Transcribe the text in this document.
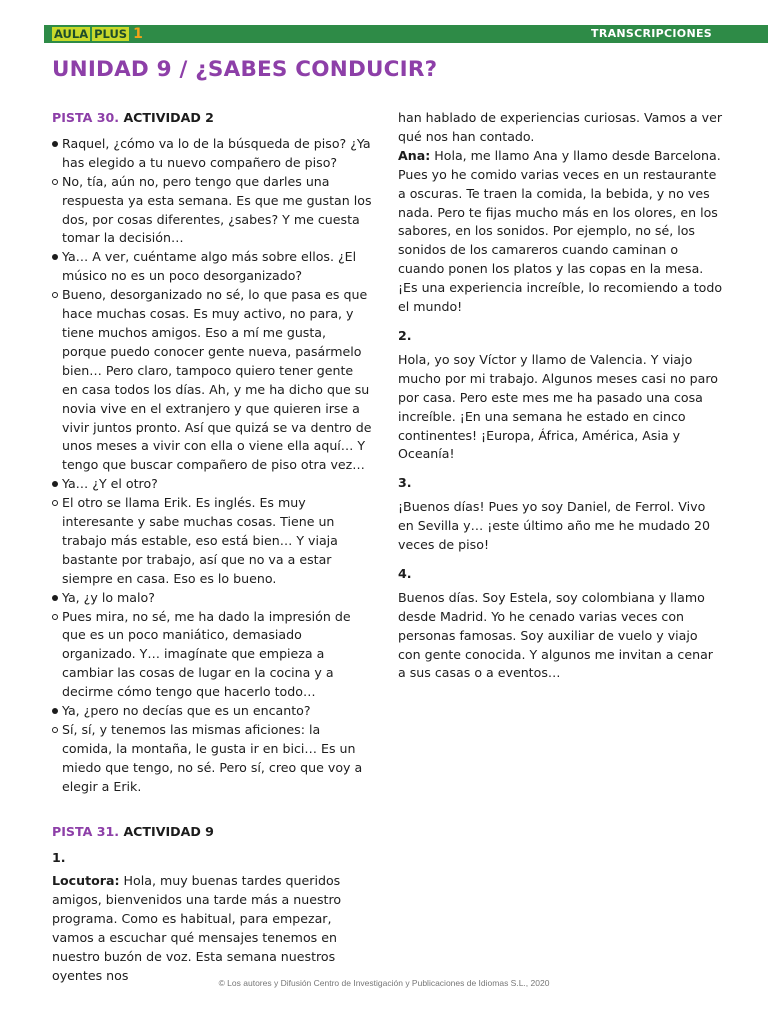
AULA PLUS 1	TRANSCRIPCIONES
UNIDAD 9 / ¿SABES CONDUCIR?

PISTA 30. ACTIVIDAD 2

Raquel, ¿cómo va lo de la búsqueda de piso? ¿Ya has elegido a tu nuevo compañero de piso?

No, tía, aún no, pero tengo que darles una respuesta ya esta semana. Es que me gustan los dos, por cosas diferentes, ¿sabes? Y me cuesta tomar la decisión…

Ya… A ver, cuéntame algo más sobre ellos. ¿El músico no es un poco desorganizado?

Bueno, desorganizado no sé, lo que pasa es que hace muchas cosas. Es muy activo, no para, y tiene muchos amigos. Eso a mí me gusta, porque puedo conocer gente nueva, pasármelo bien… Pero claro, tampoco quiero tener gente en casa todos los días. Ah, y me ha dicho que su novia vive en el extranjero y que quieren irse a vivir juntos pronto. Así que quizá se va dentro de unos meses a vivir con ella o viene ella aquí… Y tengo que buscar compañero de piso otra vez…

Ya… ¿Y el otro?

El otro se llama Erik. Es inglés. Es muy interesante y sabe muchas cosas. Tiene un trabajo más estable, eso está bien… Y viaja bastante por trabajo, así que no va a estar siempre en casa. Eso es lo bueno.

Ya, ¿y lo malo?

Pues mira, no sé, me ha dado la impresión de que es un poco maniático, demasiado organizado. Y… imagínate que empieza a cambiar las cosas de lugar en la cocina y a decirme cómo tengo que hacerlo todo…

Ya, ¿pero no decías que es un encanto?

Sí, sí, y tenemos las mismas aficiones: la comida, la montaña, le gusta ir en bici… Es un miedo que tengo, no sé. Pero sí, creo que voy a elegir a Erik.

PISTA 31. ACTIVIDAD 9

1.

Locutora: Hola, muy buenas tardes queridos amigos, bienvenidos una tarde más a nuestro programa. Como es habitual, para empezar, vamos a escuchar qué mensajes tenemos en nuestro buzón de voz. Esta semana nuestros oyentes nos

han hablado de experiencias curiosas. Vamos a ver qué nos han contado.

Ana: Hola, me llamo Ana y llamo desde Barcelona. Pues yo he comido varias veces en un restaurante a oscuras. Te traen la comida, la bebida, y no ves nada. Pero te fijas mucho más en los olores, en los sabores, en los sonidos. Por ejemplo, no sé, los sonidos de los camareros cuando caminan o cuando ponen los platos y las copas en la mesa. ¡Es una experiencia increíble, lo recomiendo a todo el mundo!

2.

Hola, yo soy Víctor y llamo de Valencia. Y viajo mucho por mi trabajo. Algunos meses casi no paro por casa. Pero este mes me ha pasado una cosa increíble. ¡En una semana he estado en cinco continentes! ¡Europa, África, América, Asia y Oceanía!

3.

¡Buenos días! Pues yo soy Daniel, de Ferrol. Vivo en Sevilla y… ¡este último año me he mudado 20 veces de piso!

4.

Buenos días. Soy Estela, soy colombiana y llamo desde Madrid. Yo he cenado varias veces con personas famosas. Soy auxiliar de vuelo y viajo con gente conocida. Y algunos me invitan a cenar a sus casas o a eventos…

© Los autores y Difusión Centro de Investigación y Publicaciones de Idiomas S.L., 2020
